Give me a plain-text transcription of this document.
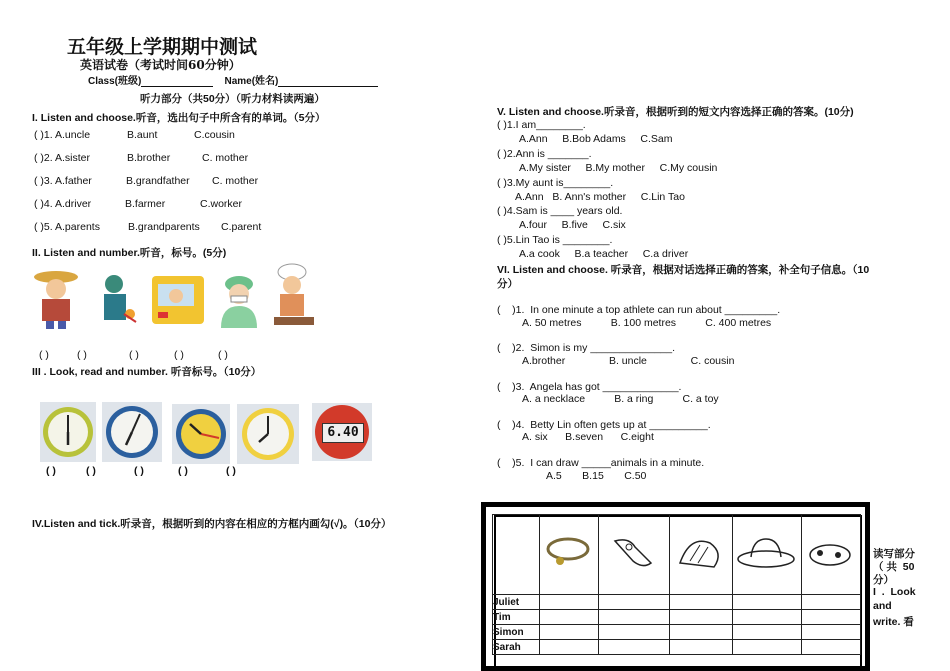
五年级上学期期中测试
英语试卷（考试时间60分钟）
Class(班级)	Name(姓名)
听力部分（共50分）（听力材料读两遍）
I. Listen and choose.听音，选出句子中所含有的单词。（5分）
( )1. A.uncle	B.aunt	C.cousin
( )2. A.sister	B.brother	C. mother
( )3. A.father	B.grandfather C. mother
( )4. A.driver	B.farmer	C.worker
( )5. A.parents	B.grandparents C.parent
II. Listen and number.听音，标号。(5分)
( )	( )	( )	( )	( )
III . Look, read and number. 听音标号。（10分）
6.40
( )	( )	( )	( )	( )
IV.Listen and tick.听录音，根据听到的内容在相应的方框内画勾(√)。（10分）
V. Listen and choose.听录音，根据听到的短文内容选择正确的答案。(10分)
( )1.I am________.
A.Ann     B.Bob Adams     C.Sam
( )2.Ann is _______.
A.My sister     B.My mother     C.My cousin
( )3.My aunt is________.
A.Ann   B. Ann's mother     C.Lin Tao
( )4.Sam is ____ years old.
A.four     B.five     C.six
( )5.Lin Tao is ________.
A.a cook     B.a teacher     C.a driver
VI. Listen and choose. 听录音，根据对话选择正确的答案，补全句子信息。（10
分）
(    )1.  In one minute a top athlete can run about _________.
A. 50 metres          B. 100 metres          C. 400 metres
(    )2.  Simon is my ______________.
A.brother               B. uncle               C. cousin
(    )3.  Angela has got _____________.
A. a necklace          B. a ring          C. a toy
(    )4.  Betty Lin often gets up at __________.
A. six      B.seven      C.eight
(    )5.  I can draw _____animals in a minute.
A.5       B.15       C.50

Juliet					
Tim					
Simon					
Sarah					
读写部分
（ 共  50
分）
I  .  Look
and
write. 看
